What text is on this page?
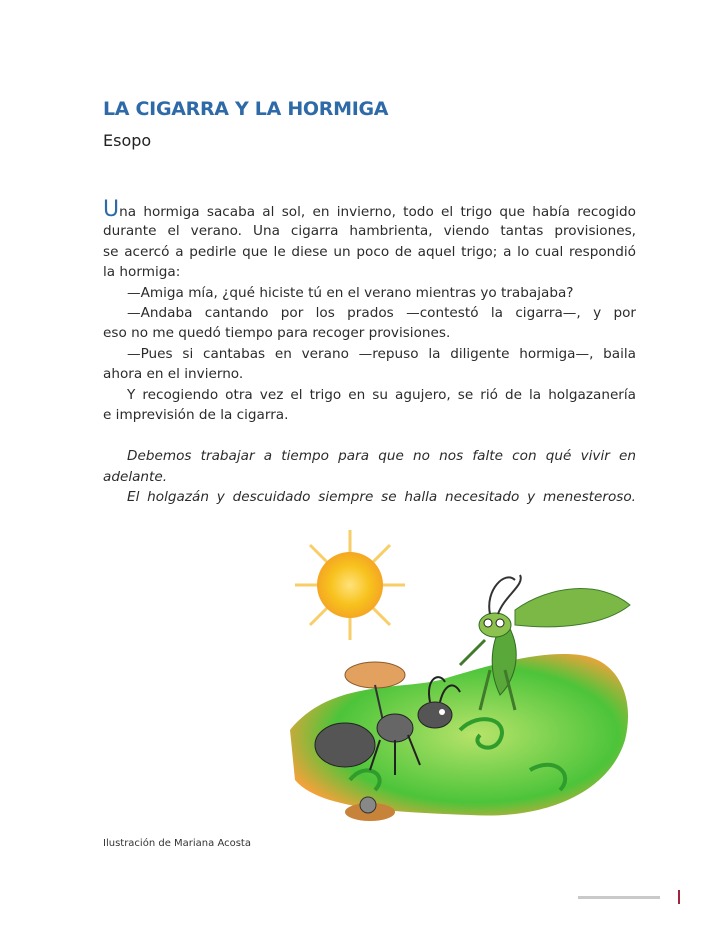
LA CIGARRA Y LA HORMIGA
Esopo
Una hormiga sacaba al sol, en invierno, todo el trigo que había recogido
durante el verano. Una cigarra hambrienta, viendo tantas provisiones,
se acercó a pedirle que le diese un poco de aquel trigo; a lo cual respondió
la hormiga:
—Amiga mía, ¿qué hiciste tú en el verano mientras yo trabajaba?
—Andaba cantando por los prados —contestó la cigarra—, y por
eso no me quedó tiempo para recoger provisiones.
—Pues si cantabas en verano —repuso la diligente hormiga—, baila
ahora en el invierno.
Y recogiendo otra vez el trigo en su agujero, se rió de la holgazanería
e imprevisión de la cigarra.
Debemos trabajar a tiempo para que no nos falte con qué vivir en
adelante.
El holgazán y descuidado siempre se halla necesitado y menesteroso.
Ilustración de Mariana Acosta
